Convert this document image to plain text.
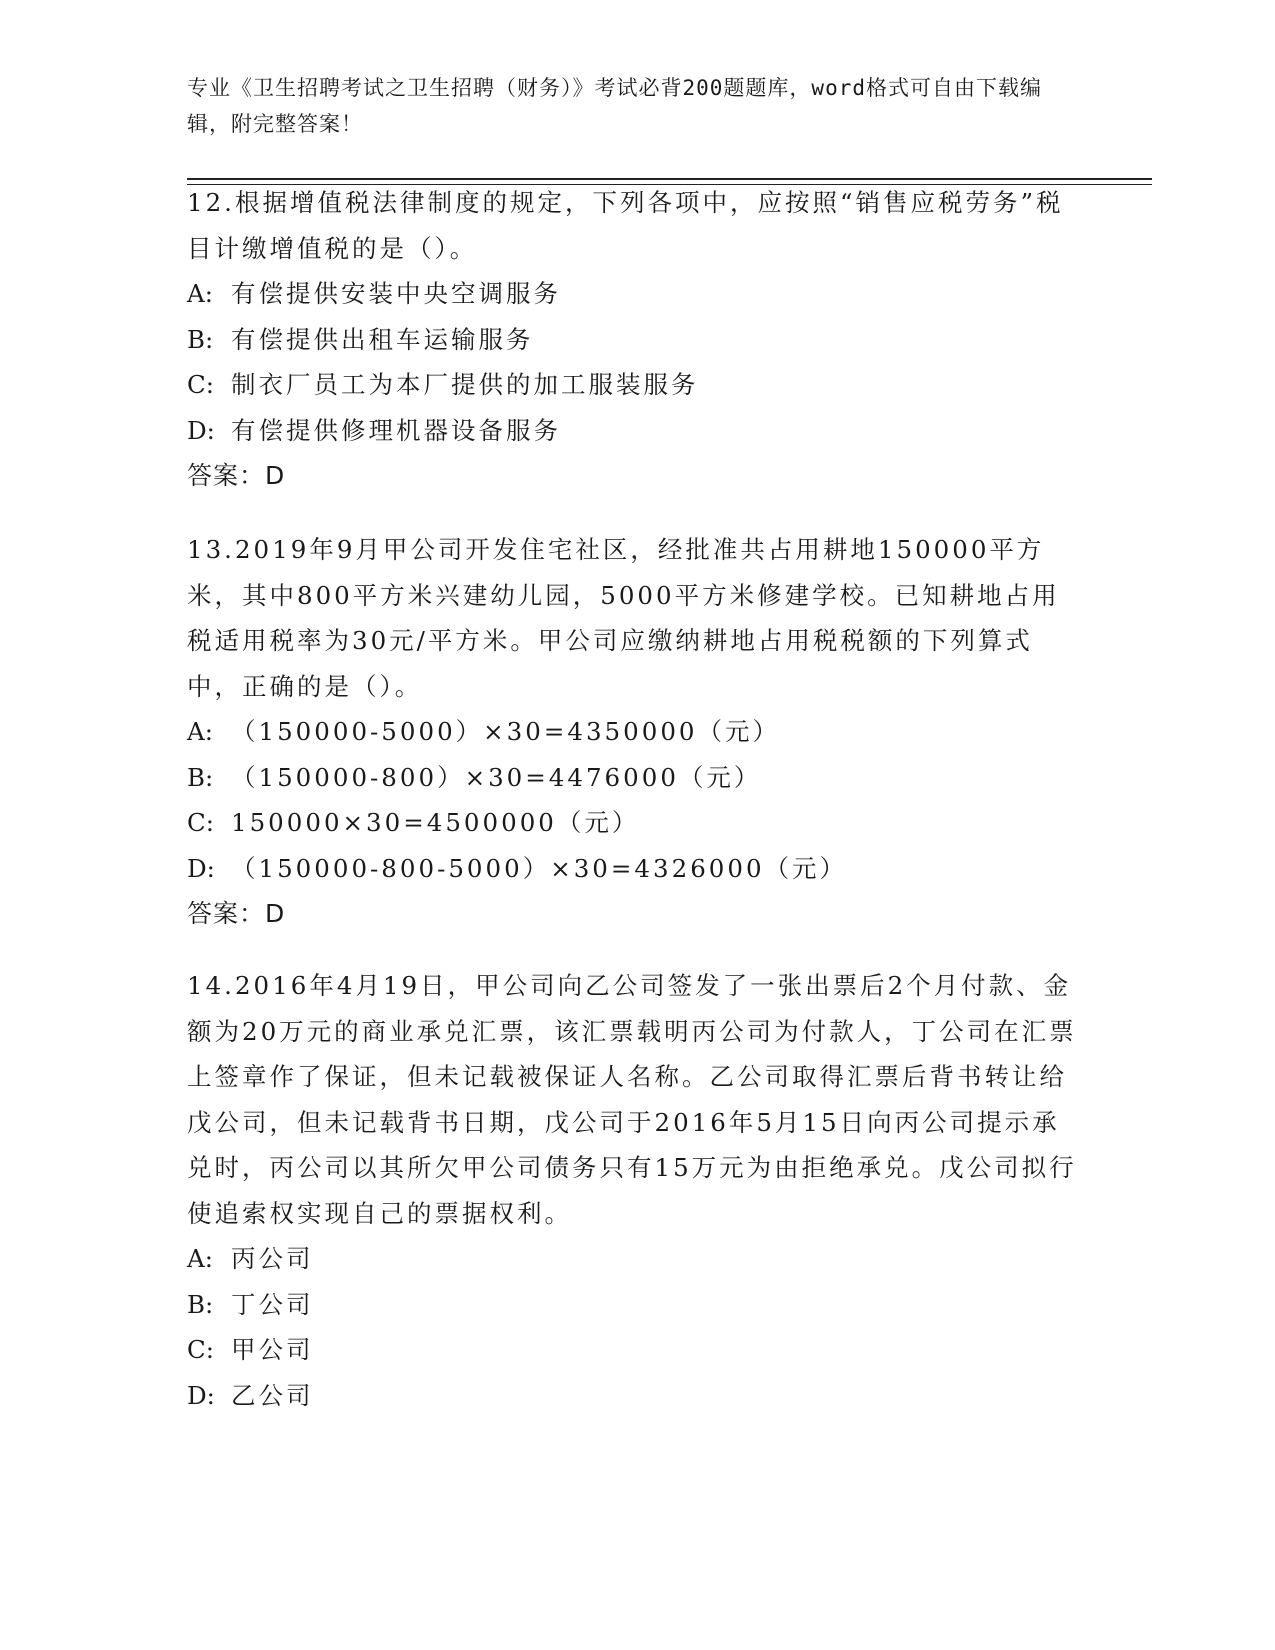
专业《卫生招聘考试之卫生招聘（财务）》考试必背200题题库，word格式可自由下载编辑，附完整答案！

12.根据增值税法律制度的规定，下列各项中，应按照“销售应税劳务”税目计缴增值税的是（）。

A: 有偿提供安装中央空调服务

B: 有偿提供出租车运输服务

C: 制衣厂员工为本厂提供的加工服装服务

D: 有偿提供修理机器设备服务

答案：D

13.2019年9月甲公司开发住宅社区，经批准共占用耕地150000平方米，其中800平方米兴建幼儿园，5000平方米修建学校。已知耕地占用税适用税率为30元/平方米。甲公司应缴纳耕地占用税税额的下列算式中，正确的是（）。

A: （150000-5000）×30=4350000（元）

B: （150000-800）×30=4476000（元）

C: 150000×30=4500000（元）

D: （150000-800-5000）×30=4326000（元）

答案：D

14.2016年4月19日，甲公司向乙公司签发了一张出票后2个月付款、金额为20万元的商业承兑汇票，该汇票载明丙公司为付款人，丁公司在汇票上签章作了保证，但未记载被保证人名称。乙公司取得汇票后背书转让给戊公司，但未记载背书日期，戊公司于2016年5月15日向丙公司提示承兑时，丙公司以其所欠甲公司债务只有15万元为由拒绝承兑。戊公司拟行使追索权实现自己的票据权利。

A: 丙公司

B: 丁公司

C: 甲公司

D: 乙公司
